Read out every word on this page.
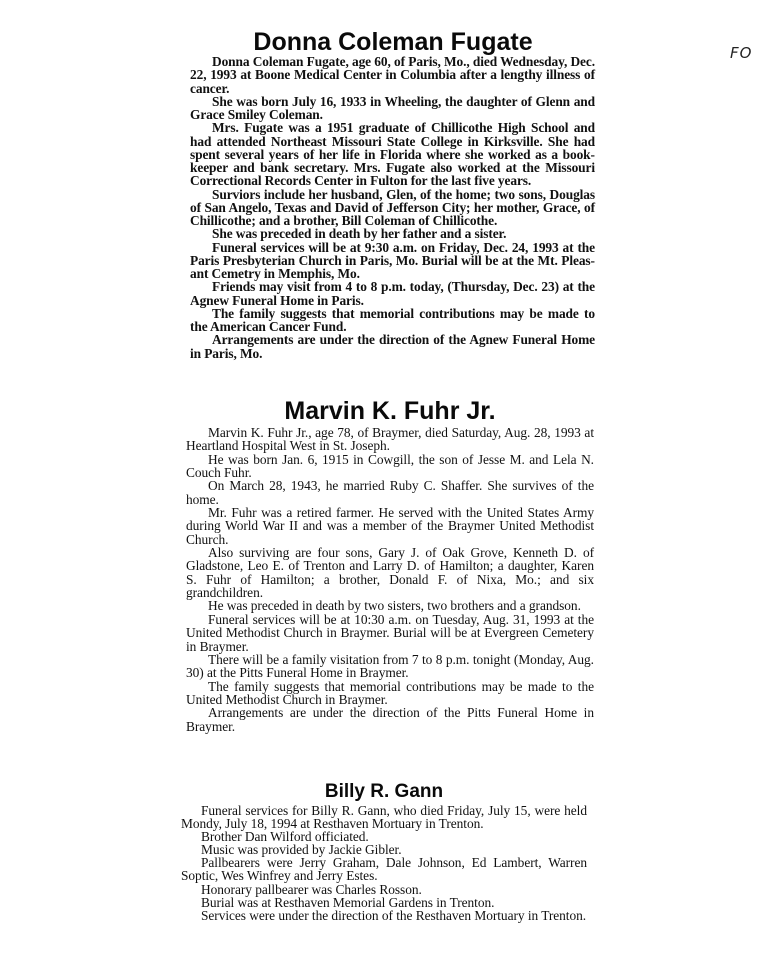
FO
Donna Coleman Fugate

Donna Coleman Fugate, age 60, of Paris, Mo., died Wednesday, Dec. 22, 1993 at Boone Medical Center in Columbia after a lengthy illness of cancer.

She was born July 16, 1933 in Wheeling, the daughter of Glenn and Grace Smiley Coleman.

Mrs. Fugate was a 1951 graduate of Chillicothe High School and had attended Northeast Missouri State College in Kirksville. She had spent several years of her life in Florida where she worked as a bookkeeper and bank secretary. Mrs. Fugate also worked at the Missouri Correctional Records Center in Fulton for the last five years.

Surviors include her husband, Glen, of the home; two sons, Douglas of San Angelo, Texas and David of Jefferson City; her mother, Grace, of Chillicothe; and a brother, Bill Coleman of Chillicothe.

She was preceded in death by her father and a sister.

Funeral services will be at 9:30 a.m. on Friday, Dec. 24, 1993 at the Paris Presbyterian Church in Paris, Mo. Burial will be at the Mt. Pleasant Cemetry in Memphis, Mo.

Friends may visit from 4 to 8 p.m. today, (Thursday, Dec. 23) at the Agnew Funeral Home in Paris.

The family suggests that memorial contributions may be made to the American Cancer Fund.

Arrangements are under the direction of the Agnew Funeral Home in Paris, Mo.

Marvin K. Fuhr Jr.

Marvin K. Fuhr Jr., age 78, of Braymer, died Saturday, Aug. 28, 1993 at Heartland Hospital West in St. Joseph.

He was born Jan. 6, 1915 in Cowgill, the son of Jesse M. and Lela N. Couch Fuhr.

On March 28, 1943, he married Ruby C. Shaffer. She survives of the home.

Mr. Fuhr was a retired farmer. He served with the United States Army during World War II and was a member of the Braymer United Methodist Church.

Also surviving are four sons, Gary J. of Oak Grove, Kenneth D. of Gladstone, Leo E. of Trenton and Larry D. of Hamilton; a daughter, Karen S. Fuhr of Hamilton; a brother, Donald F. of Nixa, Mo.; and six grandchildren.

He was preceded in death by two sisters, two brothers and a grandson.

Funeral services will be at 10:30 a.m. on Tuesday, Aug. 31, 1993 at the United Methodist Church in Braymer. Burial will be at Evergreen Cemetery in Braymer.

There will be a family visitation from 7 to 8 p.m. tonight (Monday, Aug. 30) at the Pitts Funeral Home in Braymer.

The family suggests that memorial contributions may be made to the United Methodist Church in Braymer.

Arrangements are under the direction of the Pitts Funeral Home in Braymer.

Billy R. Gann

Funeral services for Billy R. Gann, who died Friday, July 15, were held Mondy, July 18, 1994 at Resthaven Mortuary in Trenton.

Brother Dan Wilford officiated.

Music was provided by Jackie Gibler.

Pallbearers were Jerry Graham, Dale Johnson, Ed Lambert, Warren Soptic, Wes Winfrey and Jerry Estes.

Honorary pallbearer was Charles Rosson.

Burial was at Resthaven Memorial Gardens in Trenton.

Services were under the direction of the Resthaven Mortuary in Trenton.
